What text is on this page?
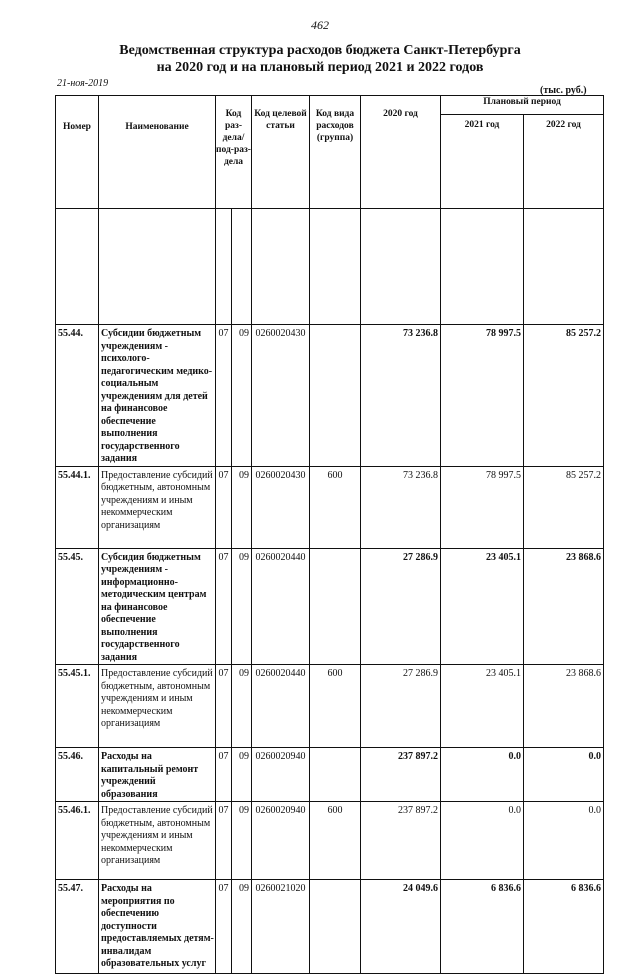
462
Ведомственная структура расходов бюджета Санкт-Петербурга
на 2020 год и на плановый период 2021 и 2022 годов
21-ноя-2019
(тыс. руб.)
Номер	Наименование	Код раз-дела/под-раз-дела		Код целевой статьи	Код вида расходов (группа)	2020 год	Плановый период	
							2021 год	2022 год

55.44.	Субсидии бюджетным учреждениям - психолого-педагогическим медико-социальным учреждениям для детей на финансовое обеспечение выполнения государственного задания	07	09	0260020430		73 236.8	78 997.5	85 257.2
55.44.1.	Предоставление субсидий бюджетным, автономным учреждениям и иным некоммерческим организациям	07	09	0260020430	600	73 236.8	78 997.5	85 257.2
55.45.	Субсидия бюджетным учреждениям - информационно-методическим центрам на финансовое обеспечение выполнения государственного задания	07	09	0260020440		27 286.9	23 405.1	23 868.6
55.45.1.	Предоставление субсидий бюджетным, автономным учреждениям и иным некоммерческим организациям	07	09	0260020440	600	27 286.9	23 405.1	23 868.6
55.46.	Расходы на капитальный ремонт учреждений образования	07	09	0260020940		237 897.2	0.0	0.0
55.46.1.	Предоставление субсидий бюджетным, автономным учреждениям и иным некоммерческим организациям	07	09	0260020940	600	237 897.2	0.0	0.0
55.47.	Расходы на мероприятия по обеспечению доступности предоставляемых детям-инвалидам образовательных услуг	07	09	0260021020		24 049.6	6 836.6	6 836.6
